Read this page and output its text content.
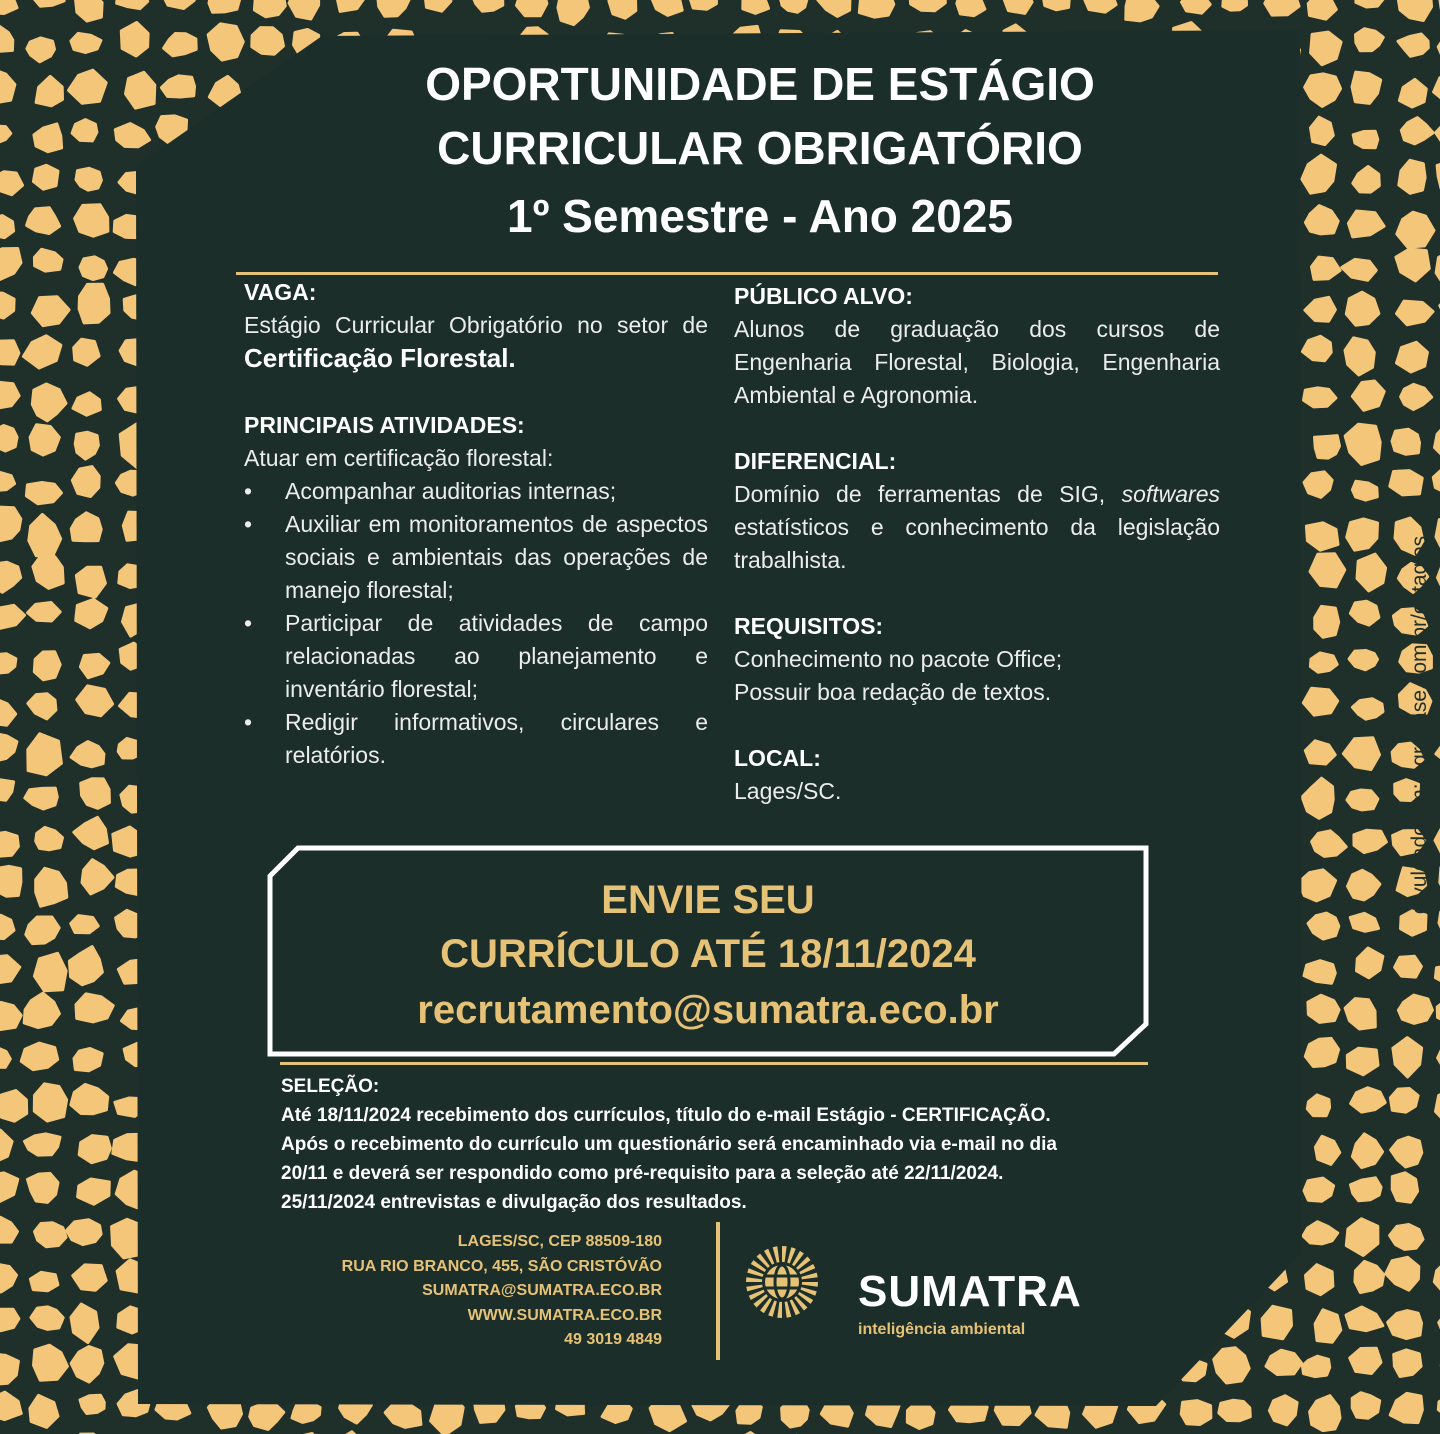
OPORTUNIDADE DE ESTÁGIO
CURRICULAR OBRIGATÓRIO
1º Semestre - Ano 2025

VAGA:

Estágio Curricular Obrigatório no setor de Certificação Florestal.

PRINCIPAIS ATIVIDADES:

Atuar em certificação florestal:

• Acompanhar auditorias internas;
• Auxiliar em monitoramentos de aspectos sociais e ambientais das operações de manejo florestal;
• Participar de atividades de campo relacionadas ao planejamento e inventário florestal;
• Redigir informativos, circulares e relatórios.

PÚBLICO ALVO:

Alunos de graduação dos cursos de Engenharia Florestal, Biologia, Engenharia Ambiental e Agronomia.

DIFERENCIAL:

Domínio de ferramentas de SIG, softwares estatísticos e conhecimento da legislação trabalhista.

REQUISITOS:

Conhecimento no pacote Office;

Possuir boa redação de textos.

LOCAL:

Lages/SC.

ENVIE SEU
CURRÍCULO ATÉ 18/11/2024
recrutamento@sumatra.eco.br

SELEÇÃO:

Até 18/11/2024 recebimento dos currículos, título do e-mail Estágio - CERTIFICAÇÃO.

Após o recebimento do currículo um questionário será encaminhado via e-mail no dia

20/11 e deverá ser respondido como pré-requisito para a seleção até 22/11/2024.

25/11/2024 entrevistas e divulgação dos resultados.

LAGES/SC, CEP 88509-180
RUA RIO BRANCO, 455, SÃO CRISTÓVÃO
SUMATRA@SUMATRA.ECO.BR
WWW.SUMATRA.ECO.BR
49 3019 4849
SUMATRA
inteligência ambiental
divulgado em: agrobase.com.br/estagios
